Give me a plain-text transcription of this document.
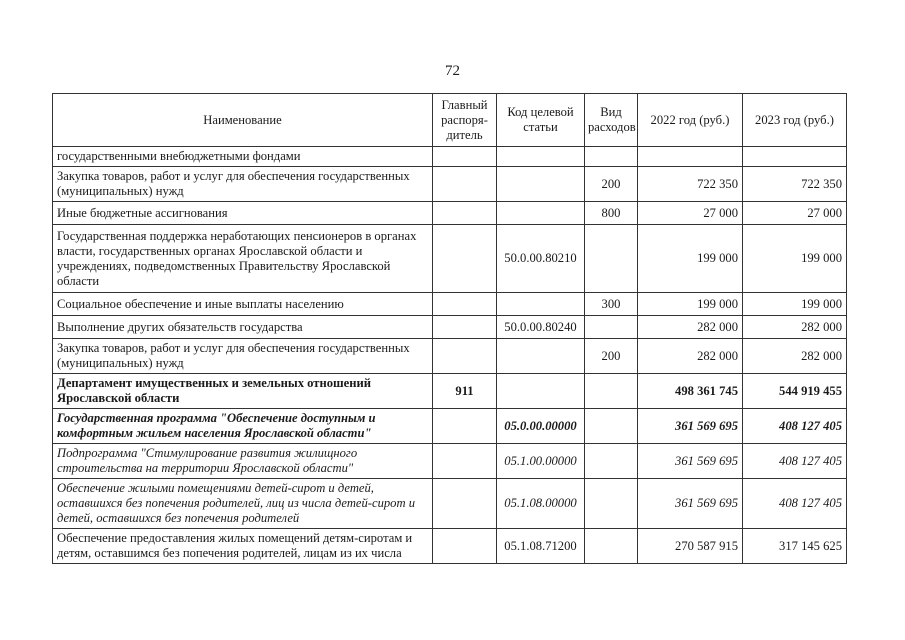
72
Наименование	Главный распоря-дитель	Код целевой статьи	Вид расходов	2022 год (руб.)	2023 год (руб.)
государственными внебюджетными фондами					
Закупка товаров, работ и услуг для обеспечения государственных (муниципальных) нужд			200	722 350	722 350
Иные бюджетные ассигнования			800	27 000	27 000
Государственная поддержка неработающих пенсионеров в органах власти, государственных органах Ярославской области и учреждениях, подведомственных Правительству Ярославской области		50.0.00.80210		199 000	199 000
Социальное обеспечение и иные выплаты населению			300	199 000	199 000
Выполнение других обязательств государства		50.0.00.80240		282 000	282 000
Закупка товаров, работ и услуг для обеспечения государственных (муниципальных) нужд			200	282 000	282 000
Департамент имущественных и земельных отношений Ярославской области	911			498 361 745	544 919 455
Государственная программа "Обеспечение доступным и комфортным жильем населения Ярославской области"		05.0.00.00000		361 569 695	408 127 405
Подпрограмма "Стимулирование развития жилищного строительства на территории Ярославской области"		05.1.00.00000		361 569 695	408 127 405
Обеспечение жилыми помещениями детей-сирот и детей, оставшихся без попечения родителей, лиц из числа детей-сирот и детей, оставшихся без попечения родителей		05.1.08.00000		361 569 695	408 127 405
Обеспечение предоставления жилых помещений детям-сиротам и детям, оставшимся без попечения родителей, лицам из их числа		05.1.08.71200		270 587 915	317 145 625
